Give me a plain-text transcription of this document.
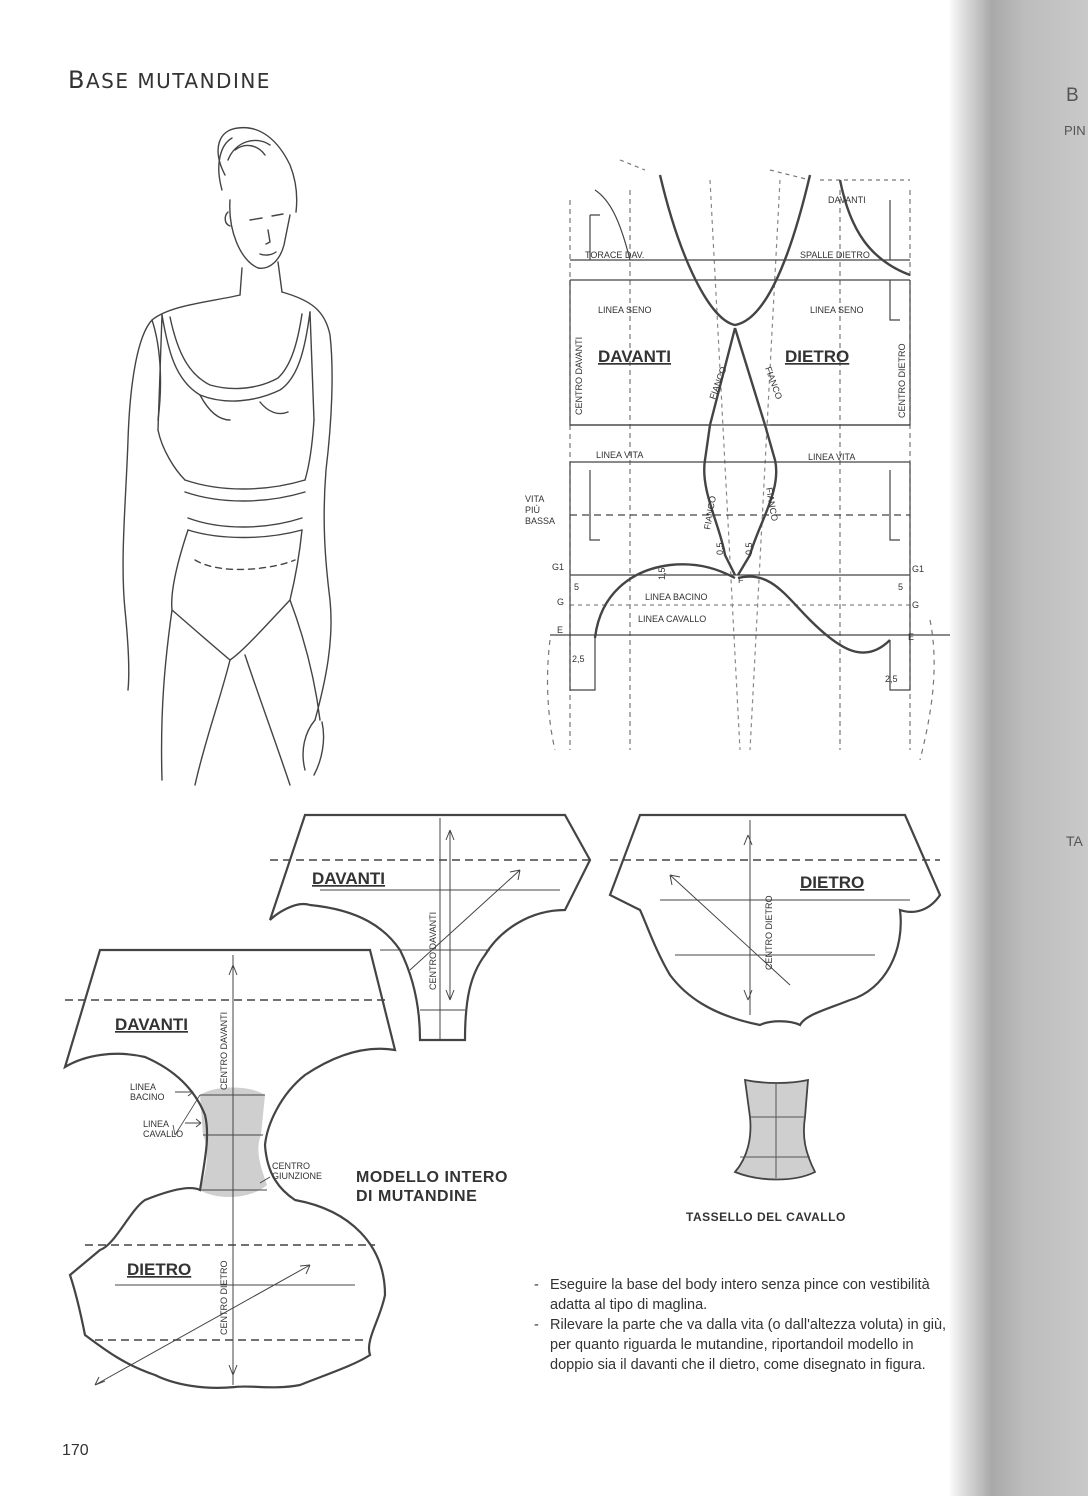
BASE MUTANDINE
TORACE DAV.	SPALLE DIETRO
DAVANTI
LINEA SENO	LINEA SENO
CENTRO DAVANTI	CENTRO DIETRO
DAVANTI	DIETRO
FIANCO	FIANCO
FIANCO	FIANCO
LINEA VITA	LINEA VITA
VITA
PIÙ
BASSA
G1	G1
G	G
E
E
F
5	5
1,5
0,5 0,5
2,5
2,5
LINEA BACINO
LINEA CAVALLO
DAVANTI
CENTRO DAVANTI
DIETRO
CENTRO DIETRO
DAVANTI
DIETRO
CENTRO DAVANTI
CENTRO DIETRO
LINEA
BACINO
LINEA
CAVALLO
CENTRO
GIUNZIONE MODELLO INTERO
DI MUTANDINE
TASSELLO DEL CAVALLO
- Eseguire la base del body intero senza pince con vestibilità adatta al tipo di maglina.
- Rilevare la parte che va dalla vita (o dall'altezza voluta) in giù, per quanto riguarda le mutandine, riportandoil modello in doppio sia il davanti che il dietro, come disegnato in figura.
170
B
PIN
TA
